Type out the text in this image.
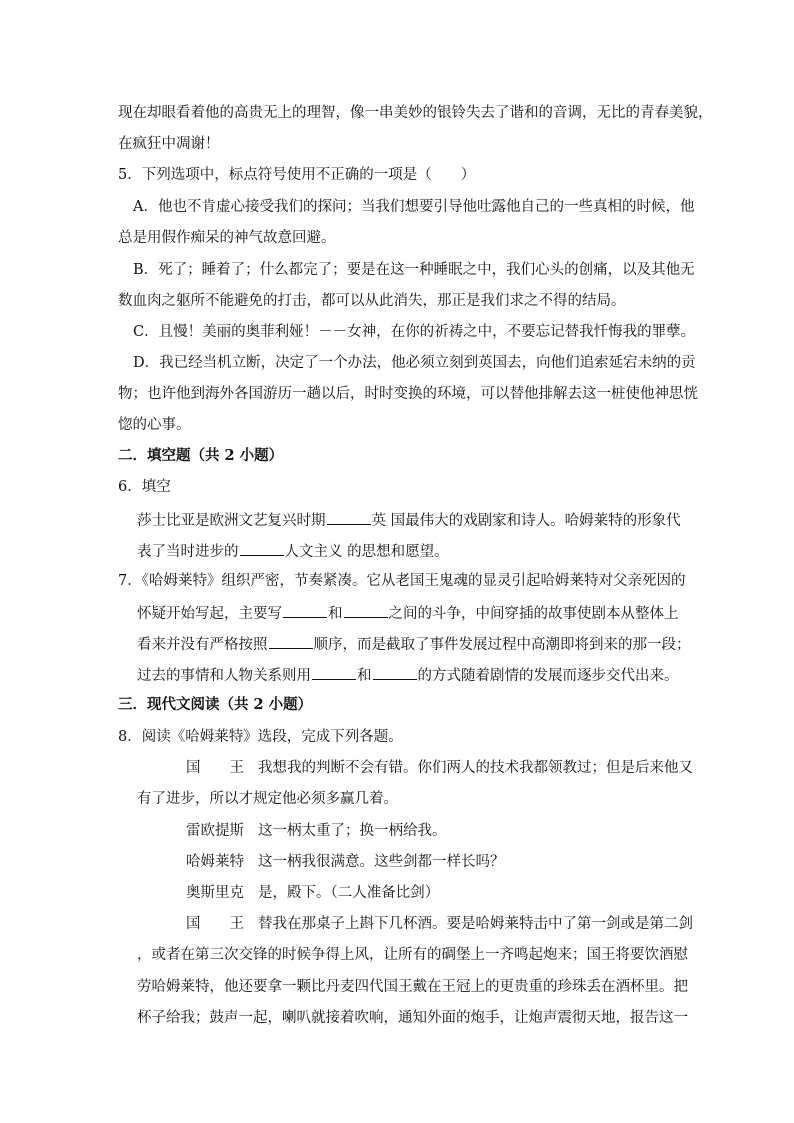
现在却眼看着他的高贵无上的理智，像一串美妙的银铃失去了谐和的音调，无比的青春美貌，
在疯狂中凋谢！
5．下列选项中，标点符号使用不正确的一项是（　　）
A．他也不肯虚心接受我们的探问；当我们想要引导他吐露他自己的一些真相的时候，他
总是用假作痴呆的神气故意回避。
B．死了；睡着了；什么都完了；要是在这一种睡眠之中，我们心头的创痛，以及其他无
数血肉之躯所不能避免的打击，都可以从此消失，那正是我们求之不得的结局。
C．且慢！美丽的奥菲利娅！－－女神，在你的祈祷之中，不要忘记替我忏悔我的罪孽。
D．我已经当机立断，决定了一个办法，他必须立刻到英国去，向他们追索延宕未纳的贡
物；也许他到海外各国游历一趟以后，时时变换的环境，可以替他排解去这一桩使他神思恍
惚的心事。
二．填空题（共 2 小题）
6．填空
莎士比亚是欧洲文艺复兴时期	英 国最伟大的戏剧家和诗人。哈姆莱特的形象代
表了当时进步的	人文主义 的思想和愿望。
7．《哈姆莱特》组织严密，节奏紧凑。它从老国王鬼魂的显灵引起哈姆莱特对父亲死因的
怀疑开始写起，主要写	和	之间的斗争，中间穿插的故事使剧本从整体上
看来并没有严格按照	顺序，而是截取了事件发展过程中高潮即将到来的那一段；
过去的事情和人物关系则用	和	的方式随着剧情的发展而逐步交代出来。
三．现代文阅读（共 2 小题）
8．阅读《哈姆莱特》选段，完成下列各题。
国　　王 我想我的判断不会有错。你们两人的技术我都领教过；但是后来他又
有了进步，所以才规定他必须多赢几着。
雷欧提斯 这一柄太重了；换一柄给我。
哈姆莱特 这一柄我很满意。这些剑都一样长吗？
奥斯里克 是，殿下。（二人准备比剑）
国　　王 替我在那桌子上斟下几杯酒。要是哈姆莱特击中了第一剑或是第二剑
，或者在第三次交锋的时候争得上风，让所有的碉堡上一齐鸣起炮来；国王将要饮酒慰
劳哈姆莱特，他还要拿一颗比丹麦四代国王戴在王冠上的更贵重的珍珠丢在酒杯里。把
杯子给我；鼓声一起，喇叭就接着吹响，通知外面的炮手，让炮声震彻天地，报告这一
